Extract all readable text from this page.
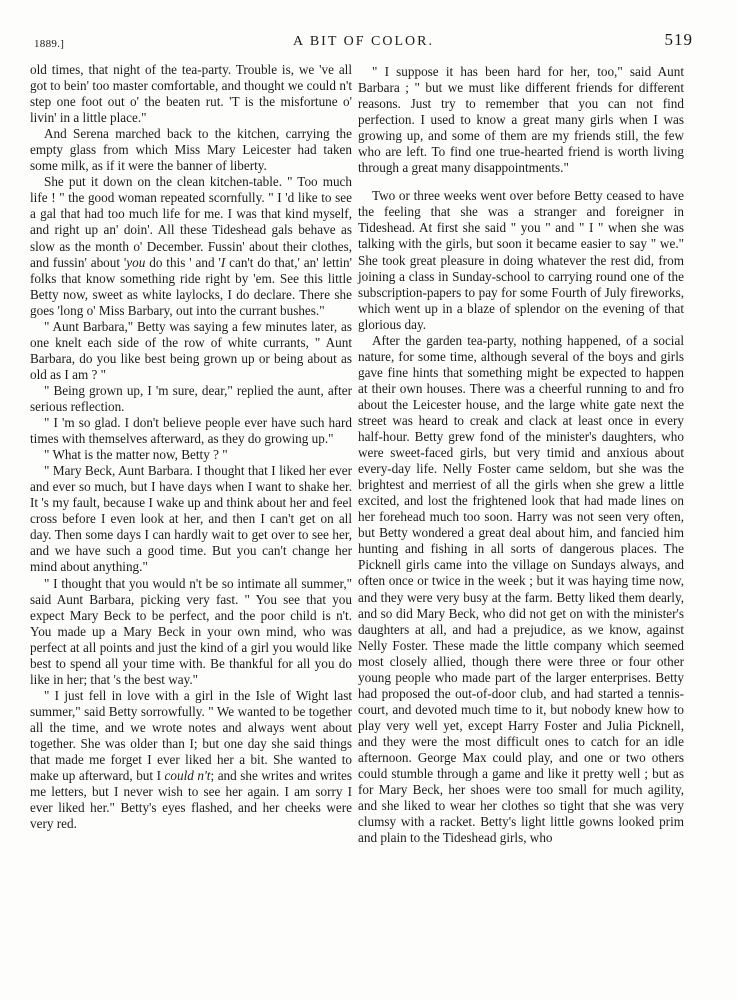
1889.]	A BIT OF COLOR.	519

old times, that night of the tea-party. Trouble is, we 've all got to bein' too master comfortable, and thought we could n't step one foot out o' the beaten rut. 'T is the misfortune o' livin' in a little place."

And Serena marched back to the kitchen, carrying the empty glass from which Miss Mary Leicester had taken some milk, as if it were the banner of liberty.

She put it down on the clean kitchen-table. " Too much life ! " the good woman repeated scornfully. " I 'd like to see a gal that had too much life for me. I was that kind myself, and right up an' doin'. All these Tideshead gals behave as slow as the month o' December. Fussin' about their clothes, and fussin' about 'you do this ' and 'I can't do that,' an' lettin' folks that know something ride right by 'em. See this little Betty now, sweet as white laylocks, I do declare. There she goes 'long o' Miss Barbary, out into the currant bushes."

" Aunt Barbara," Betty was saying a few minutes later, as one knelt each side of the row of white currants, " Aunt Barbara, do you like best being grown up or being about as old as I am ? "

" Being grown up, I 'm sure, dear," replied the aunt, after serious reflection.

" I 'm so glad. I don't believe people ever have such hard times with themselves afterward, as they do growing up."

" What is the matter now, Betty ? "

" Mary Beck, Aunt Barbara. I thought that I liked her ever and ever so much, but I have days when I want to shake her. It 's my fault, because I wake up and think about her and feel cross before I even look at her, and then I can't get on all day. Then some days I can hardly wait to get over to see her, and we have such a good time. But you can't change her mind about anything."

" I thought that you would n't be so intimate all summer," said Aunt Barbara, picking very fast. " You see that you expect Mary Beck to be perfect, and the poor child is n't. You made up a Mary Beck in your own mind, who was perfect at all points and just the kind of a girl you would like best to spend all your time with. Be thankful for all you do like in her; that 's the best way."

" I just fell in love with a girl in the Isle of Wight last summer," said Betty sorrowfully. " We wanted to be together all the time, and we wrote notes and always went about together. She was older than I; but one day she said things that made me forget I ever liked her a bit. She wanted to make up afterward, but I could n't; and she writes and writes me letters, but I never wish to see her again. I am sorry I ever liked her." Betty's eyes flashed, and her cheeks were very red.

" I suppose it has been hard for her, too," said Aunt Barbara ; " but we must like different friends for different reasons. Just try to remember that you can not find perfection. I used to know a great many girls when I was growing up, and some of them are my friends still, the few who are left. To find one true-hearted friend is worth living through a great many disappointments."

Two or three weeks went over before Betty ceased to have the feeling that she was a stranger and foreigner in Tideshead. At first she said " you " and " I " when she was talking with the girls, but soon it became easier to say " we." She took great pleasure in doing whatever the rest did, from joining a class in Sunday-school to carrying round one of the subscription-papers to pay for some Fourth of July fireworks, which went up in a blaze of splendor on the evening of that glorious day.

After the garden tea-party, nothing happened, of a social nature, for some time, although several of the boys and girls gave fine hints that something might be expected to happen at their own houses. There was a cheerful running to and fro about the Leicester house, and the large white gate next the street was heard to creak and clack at least once in every half-hour. Betty grew fond of the minister's daughters, who were sweet-faced girls, but very timid and anxious about every-day life. Nelly Foster came seldom, but she was the brightest and merriest of all the girls when she grew a little excited, and lost the frightened look that had made lines on her forehead much too soon. Harry was not seen very often, but Betty wondered a great deal about him, and fancied him hunting and fishing in all sorts of dangerous places. The Picknell girls came into the village on Sundays always, and often once or twice in the week ; but it was haying time now, and they were very busy at the farm. Betty liked them dearly, and so did Mary Beck, who did not get on with the minister's daughters at all, and had a prejudice, as we know, against Nelly Foster. These made the little company which seemed most closely allied, though there were three or four other young people who made part of the larger enterprises. Betty had proposed the out-of-door club, and had started a tennis-court, and devoted much time to it, but nobody knew how to play very well yet, except Harry Foster and Julia Picknell, and they were the most difficult ones to catch for an idle afternoon. George Max could play, and one or two others could stumble through a game and like it pretty well ; but as for Mary Beck, her shoes were too small for much agility, and she liked to wear her clothes so tight that she was very clumsy with a racket. Betty's light little gowns looked prim and plain to the Tideshead girls, who
